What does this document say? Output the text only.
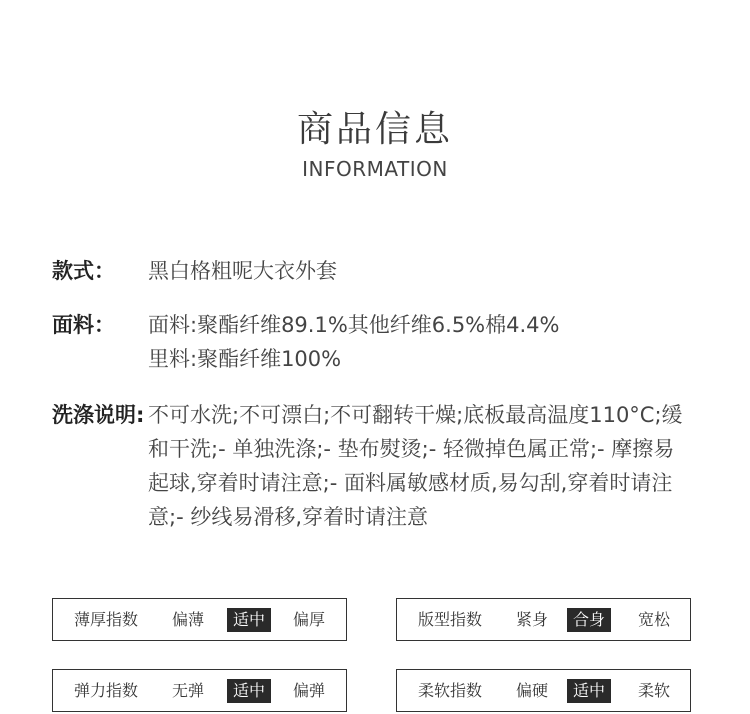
商品信息
INFORMATION
款式： 黑白格粗呢大衣外套
面料： 面料:聚酯纤维89.1%其他纤维6.5%棉4.4%
里料:聚酯纤维100%
洗涤说明: 不可水洗;不可漂白;不可翻转干燥;底板最高温度110°C;缓
和干洗;- 单独洗涤;- 垫布熨烫;- 轻微掉色属正常;- 摩擦易
起球,穿着时请注意;- 面料属敏感材质,易勾刮,穿着时请注
意;- 纱线易滑移,穿着时请注意
薄厚指数	偏薄	适中	偏厚	版型指数	紧身	合身	宽松
弹力指数	无弹	适中	偏弹	柔软指数	偏硬	适中	柔软
